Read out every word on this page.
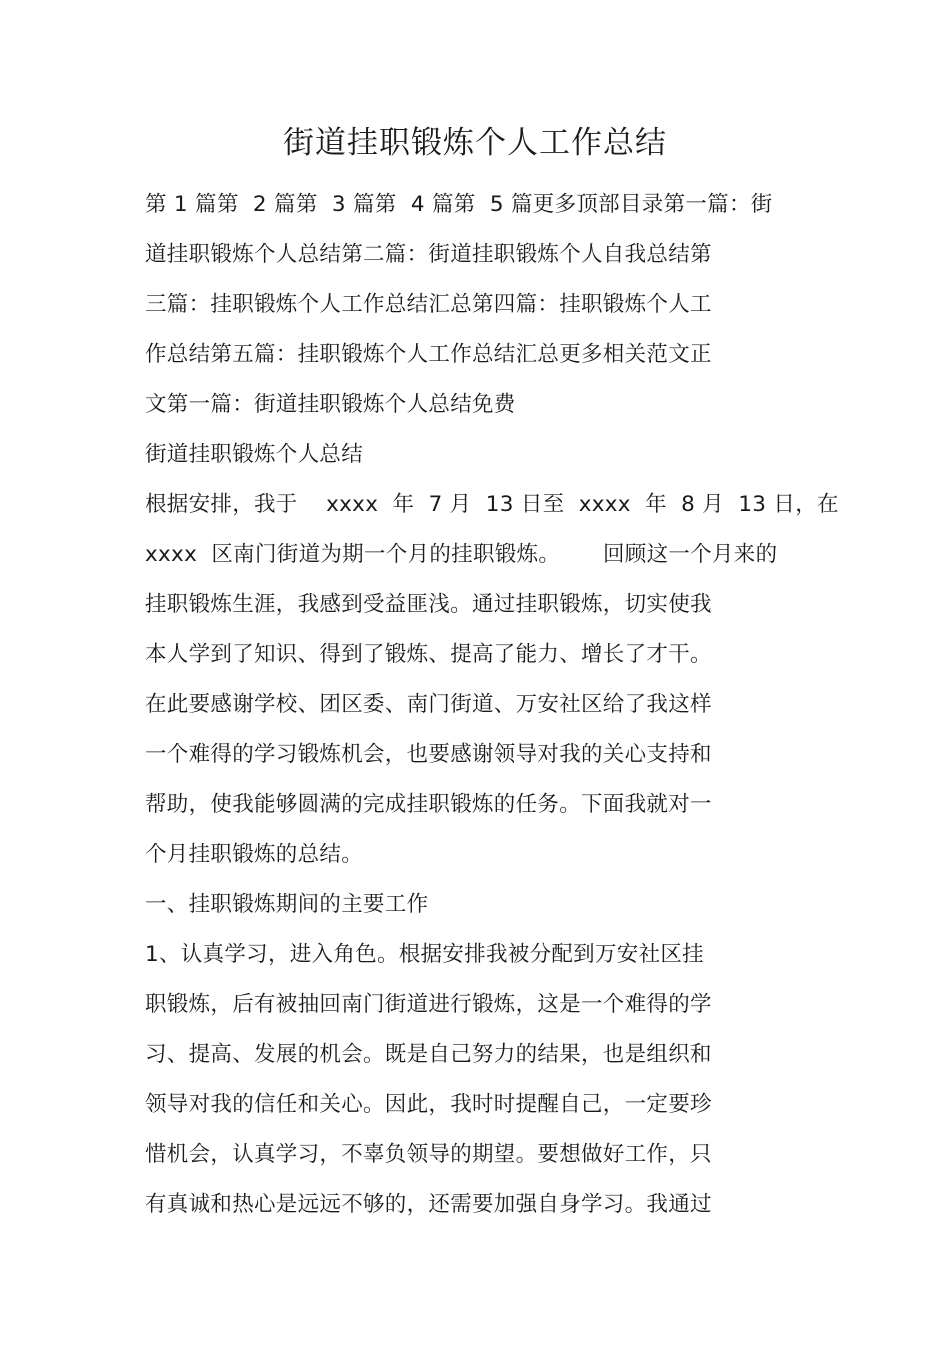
街道挂职锻炼个人工作总结
第 1 篇第  2 篇第  3 篇第  4 篇第  5 篇更多顶部目录第一篇：街
道挂职锻炼个人总结第二篇：街道挂职锻炼个人自我总结第
三篇：挂职锻炼个人工作总结汇总第四篇：挂职锻炼个人工
作总结第五篇：挂职锻炼个人工作总结汇总更多相关范文正
文第一篇：街道挂职锻炼个人总结免费
街道挂职锻炼个人总结
根据安排，我于    xxxx  年  7 月  13 日至  xxxx  年  8 月  13 日，在
xxxx  区南门街道为期一个月的挂职锻炼。      回顾这一个月来的
挂职锻炼生涯，我感到受益匪浅。通过挂职锻炼，切实使我
本人学到了知识、得到了锻炼、提高了能力、增长了才干。
在此要感谢学校、团区委、南门街道、万安社区给了我这样
一个难得的学习锻炼机会，也要感谢领导对我的关心支持和
帮助，使我能够圆满的完成挂职锻炼的任务。下面我就对一
个月挂职锻炼的总结。
一、挂职锻炼期间的主要工作
1、认真学习，进入角色。根据安排我被分配到万安社区挂
职锻炼，后有被抽回南门街道进行锻炼，这是一个难得的学
习、提高、发展的机会。既是自己努力的结果，也是组织和
领导对我的信任和关心。因此，我时时提醒自己，一定要珍
惜机会，认真学习，不辜负领导的期望。要想做好工作，只
有真诚和热心是远远不够的，还需要加强自身学习。我通过
